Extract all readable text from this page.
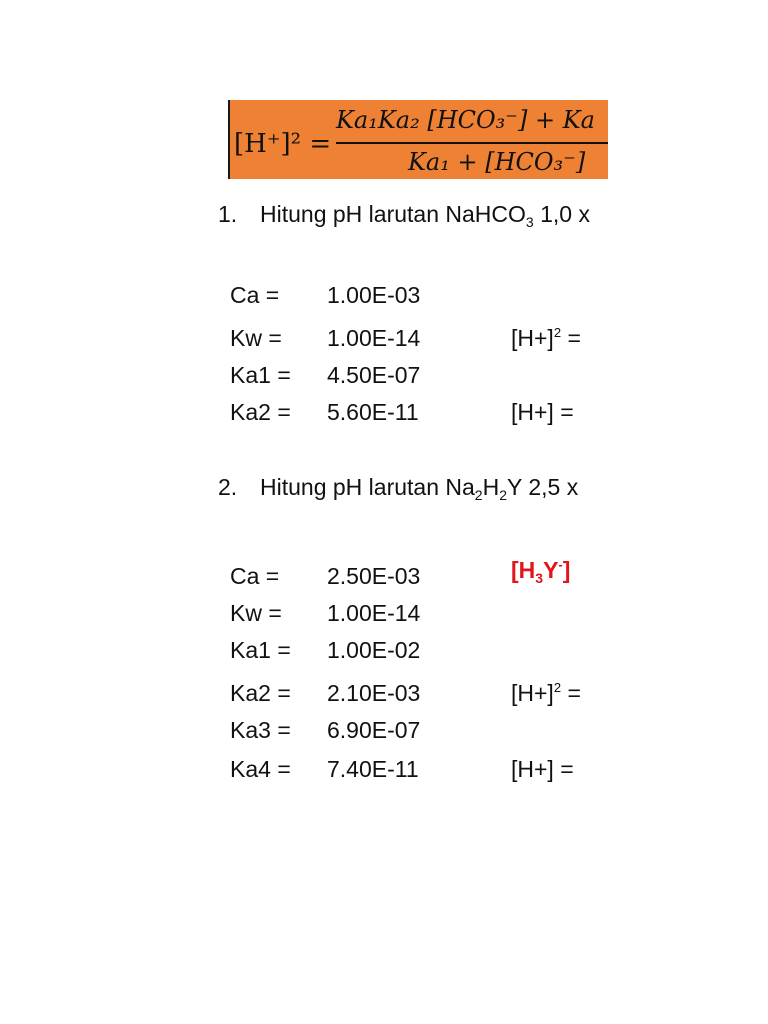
[H⁺]² =
Ka₁Ka₂ [HCO₃⁻] + Ka
Ka₁ + [HCO₃⁻]
1. Hitung pH larutan NaHCO$_3$ 1,0 x
Ca = 1.00E-03
Kw = 1.00E-14
Ka1 = 4.50E-07
Ka2 = 5.60E-11
$[H+]^2$ =
[H+] =
2. Hitung pH larutan $Na_2H_2Y$ 2,5 x
Ca = 2.50E-03
Kw = 1.00E-14
Ka1 = 1.00E-02
Ka2 = 2.10E-03
Ka3 = 6.90E-07
Ka4 = 7.40E-11
$[H_3Y^-]$
$[H+]^2$ =
[H+] =
